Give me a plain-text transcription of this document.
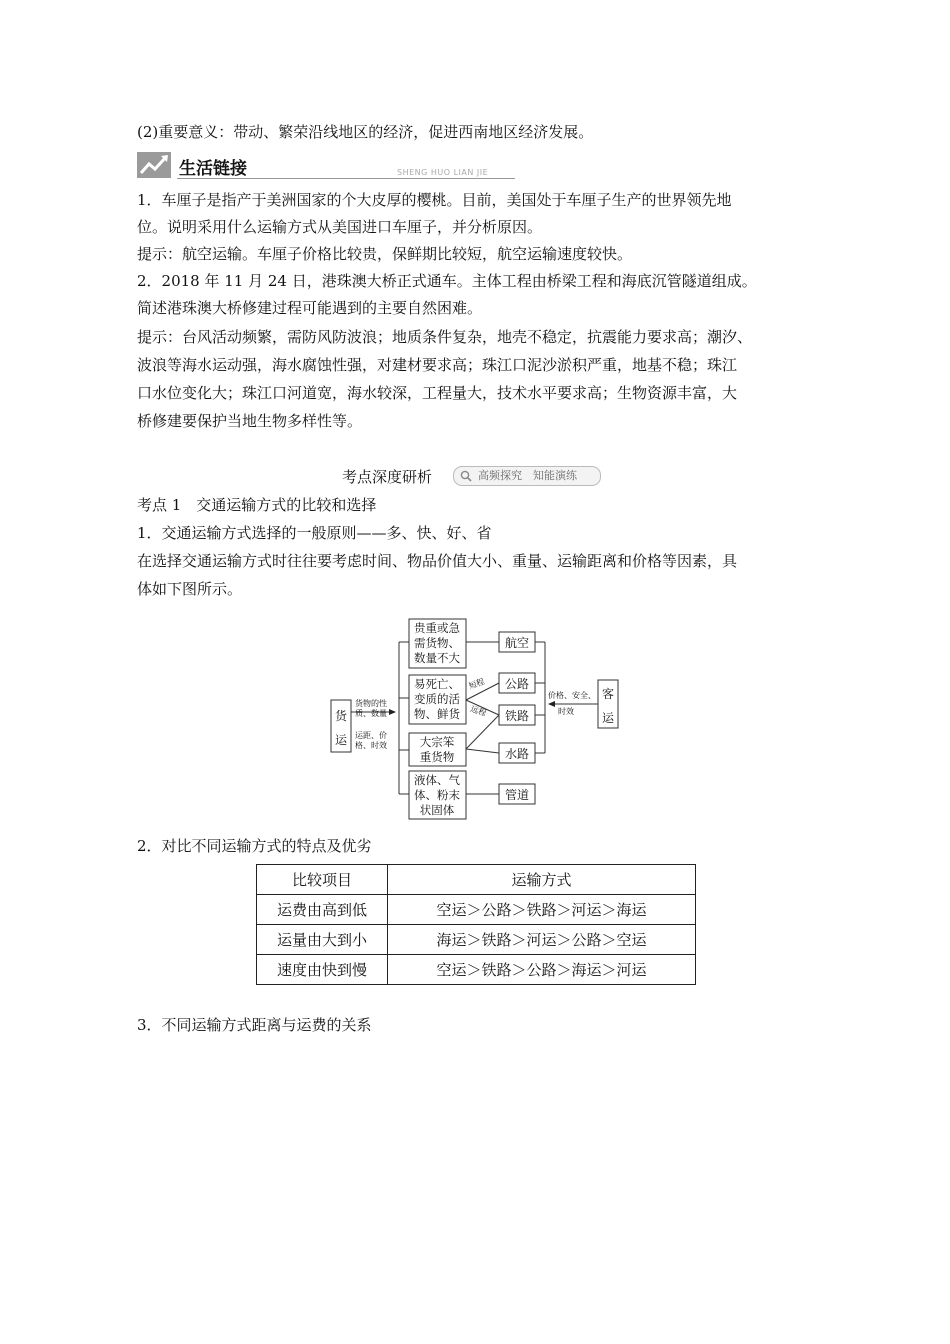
(2)重要意义：带动、繁荣沿线地区的经济，促进西南地区经济发展。

生活链接	SHENG HUO LIAN JIE

1．车厘子是指产于美洲国家的个大皮厚的樱桃。目前，美国处于车厘子生产的世界领先地

位。说明采用什么运输方式从美国进口车厘子，并分析原因。

提示：航空运输。车厘子价格比较贵，保鲜期比较短，航空运输速度较快。

2．2018 年 11 月 24 日，港珠澳大桥正式通车。主体工程由桥梁工程和海底沉管隧道组成。

简述港珠澳大桥修建过程可能遇到的主要自然困难。

提示：台风活动频繁，需防风防波浪；地质条件复杂，地壳不稳定，抗震能力要求高；潮汐、

波浪等海水运动强，海水腐蚀性强，对建材要求高；珠江口泥沙淤积严重，地基不稳；珠江

口水位变化大；珠江口河道宽，海水较深，工程量大，技术水平要求高；生物资源丰富，大

桥修建要保护当地生物多样性等。

考点深度研析	高频探究　知能演练

考点 1　交通运输方式的比较和选择

1．交通运输方式选择的一般原则——多、快、好、省

在选择交通运输方式时往往要考虑时间、物品价值大小、重量、运输距离和价格等因素，具

体如下图所示。

货
运
客
运
货物的性
质、数量
运距、价
格、时效
价格、安全、
时效
短程
远程
贵重或急
需货物、
数量不大
易死亡、
变质的活
物、鲜货
大宗笨
重货物
液体、气
体、粉末
状固体
航空
公路
铁路
水路
管道

2．对比不同运输方式的特点及优劣

比较项目	运输方式
运费由高到低	空运＞公路＞铁路＞河运＞海运
运量由大到小	海运＞铁路＞河运＞公路＞空运
速度由快到慢	空运＞铁路＞公路＞海运＞河运

3．不同运输方式距离与运费的关系
